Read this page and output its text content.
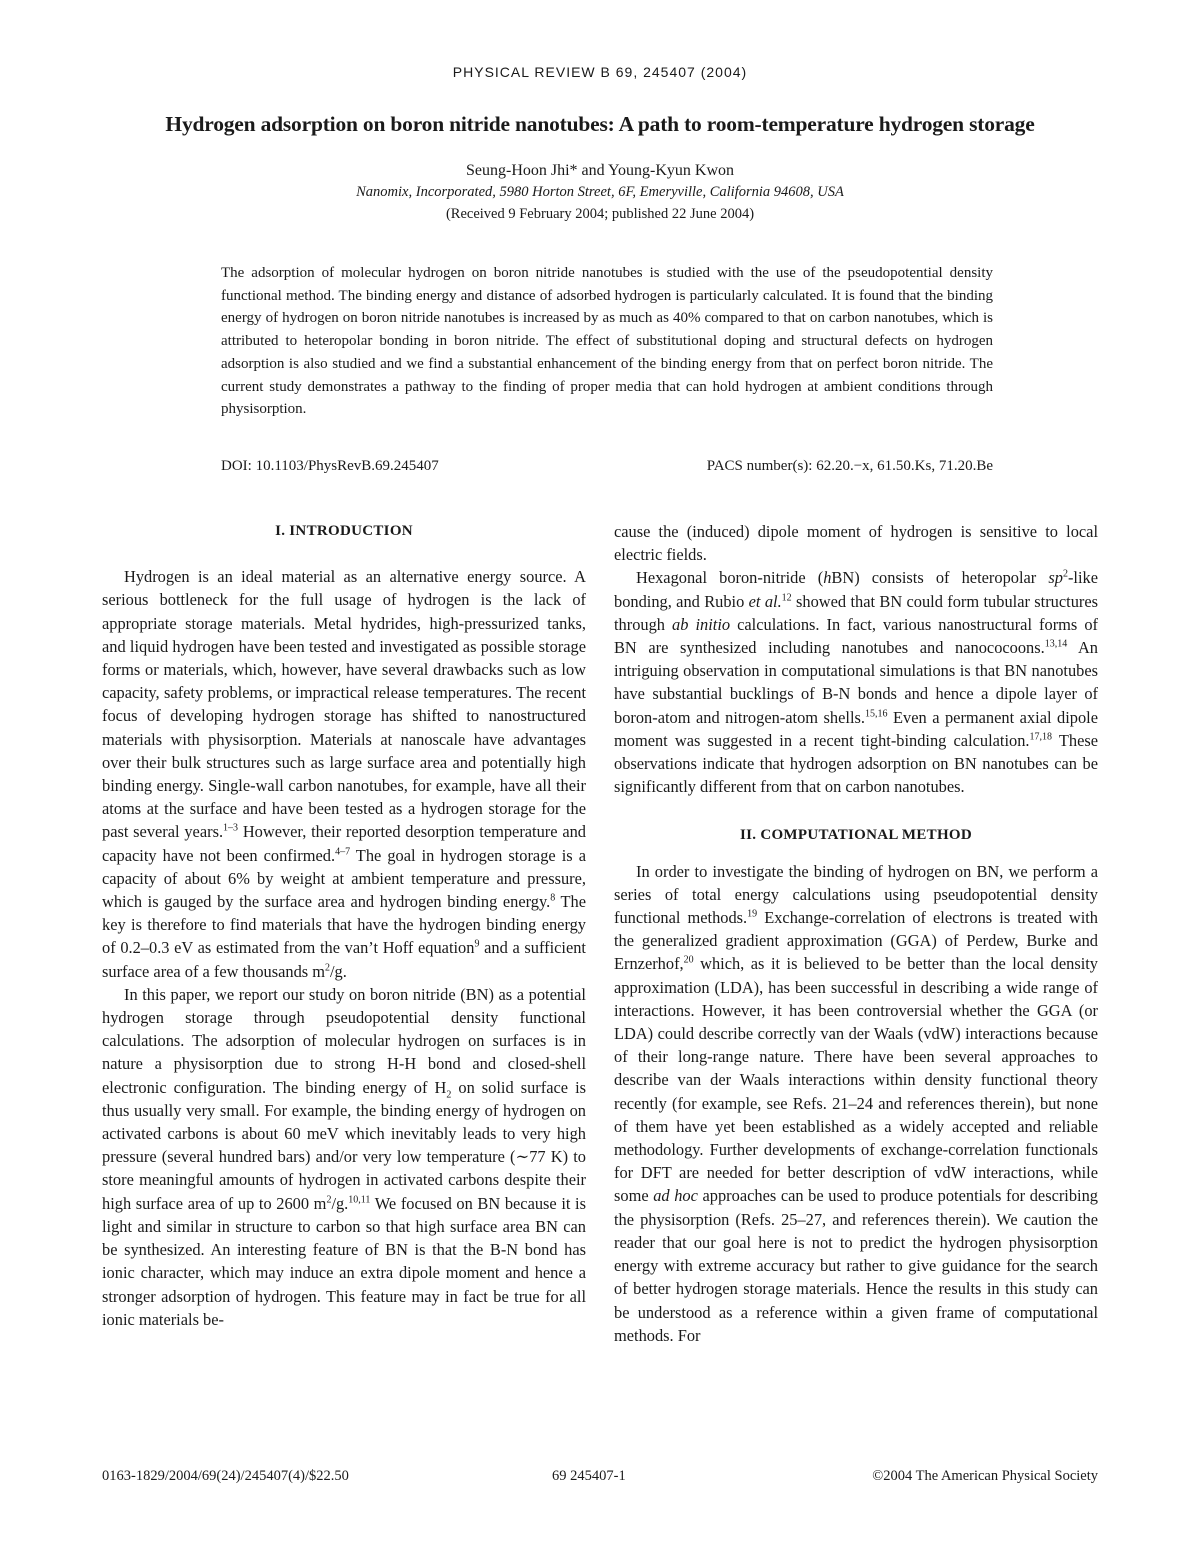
PHYSICAL REVIEW B 69, 245407 (2004)
Hydrogen adsorption on boron nitride nanotubes: A path to room-temperature hydrogen storage
Seung-Hoon Jhi* and Young-Kyun Kwon
Nanomix, Incorporated, 5980 Horton Street, 6F, Emeryville, California 94608, USA
(Received 9 February 2004; published 22 June 2004)
The adsorption of molecular hydrogen on boron nitride nanotubes is studied with the use of the pseudopotential density functional method. The binding energy and distance of adsorbed hydrogen is particularly calculated. It is found that the binding energy of hydrogen on boron nitride nanotubes is increased by as much as 40% compared to that on carbon nanotubes, which is attributed to heteropolar bonding in boron nitride. The effect of substitutional doping and structural defects on hydrogen adsorption is also studied and we find a substantial enhancement of the binding energy from that on perfect boron nitride. The current study demonstrates a pathway to the finding of proper media that can hold hydrogen at ambient conditions through physisorption.
DOI: 10.1103/PhysRevB.69.245407	PACS number(s): 62.20.−x, 61.50.Ks, 71.20.Be
I. INTRODUCTION

Hydrogen is an ideal material as an alternative energy source. A serious bottleneck for the full usage of hydrogen is the lack of appropriate storage materials. Metal hydrides, high-pressurized tanks, and liquid hydrogen have been tested and investigated as possible storage forms or materials, which, however, have several drawbacks such as low capacity, safety problems, or impractical release temperatures. The recent focus of developing hydrogen storage has shifted to nanostructured materials with physisorption. Materials at nanoscale have advantages over their bulk structures such as large surface area and potentially high binding energy. Single-wall carbon nanotubes, for example, have all their atoms at the surface and have been tested as a hydrogen storage for the past several years.$^{1-3}$ However, their reported desorption temperature and capacity have not been confirmed.$^{4-7}$ The goal in hydrogen storage is a capacity of about 6% by weight at ambient temperature and pressure, which is gauged by the surface area and hydrogen binding energy.$^8$ The key is therefore to find materials that have the hydrogen binding energy of 0.2–0.3 eV as estimated from the van’t Hoff equation$^9$ and a sufficient surface area of a few thousands $m^2/g$.

In this paper, we report our study on boron nitride (BN) as a potential hydrogen storage through pseudopotential density functional calculations. The adsorption of molecular hydrogen on surfaces is in nature a physisorption due to strong H-H bond and closed-shell electronic configuration. The binding energy of $H_2$ on solid surface is thus usually very small. For example, the binding energy of hydrogen on activated carbons is about 60 meV which inevitably leads to very high pressure (several hundred bars) and/or very low temperature (∼77 K) to store meaningful amounts of hydrogen in activated carbons despite their high surface area of up to 2600 $m^2/g.^{10,11}$ We focused on BN because it is light and similar in structure to carbon so that high surface area BN can be synthesized. An interesting feature of BN is that the B-N bond has ionic character, which may induce an extra dipole moment and hence a stronger adsorption of hydrogen. This feature may in fact be true for all ionic materials be-

cause the (induced) dipole moment of hydrogen is sensitive to local electric fields.

Hexagonal boron-nitride (hBN) consists of heteropolar $sp^2$-like bonding, and Rubio et al.$^{12}$ showed that BN could form tubular structures through ab initio calculations. In fact, various nanostructural forms of BN are synthesized including nanotubes and nanococoons.$^{13,14}$ An intriguing observation in computational simulations is that BN nanotubes have substantial bucklings of B-N bonds and hence a dipole layer of boron-atom and nitrogen-atom shells.$^{15,16}$ Even a permanent axial dipole moment was suggested in a recent tight-binding calculation.$^{17,18}$ These observations indicate that hydrogen adsorption on BN nanotubes can be significantly different from that on carbon nanotubes.

II. COMPUTATIONAL METHOD

In order to investigate the binding of hydrogen on BN, we perform a series of total energy calculations using pseudopotential density functional methods.$^{19}$ Exchange-correlation of electrons is treated with the generalized gradient approximation (GGA) of Perdew, Burke and Ernzerhof,$^{20}$ which, as it is believed to be better than the local density approximation (LDA), has been successful in describing a wide range of interactions. However, it has been controversial whether the GGA (or LDA) could describe correctly van der Waals (vdW) interactions because of their long-range nature. There have been several approaches to describe van der Waals interactions within density functional theory recently (for example, see Refs. 21–24 and references therein), but none of them have yet been established as a widely accepted and reliable methodology. Further developments of exchange-correlation functionals for DFT are needed for better description of vdW interactions, while some ad hoc approaches can be used to produce potentials for describing the physisorption (Refs. 25–27, and references therein). We caution the reader that our goal here is not to predict the hydrogen physisorption energy with extreme accuracy but rather to give guidance for the search of better hydrogen storage materials. Hence the results in this study can be understood as a reference within a given frame of computational methods. For

0163-1829/2004/69(24)/245407(4)/$22.50	69 245407-1	©2004 The American Physical Society
